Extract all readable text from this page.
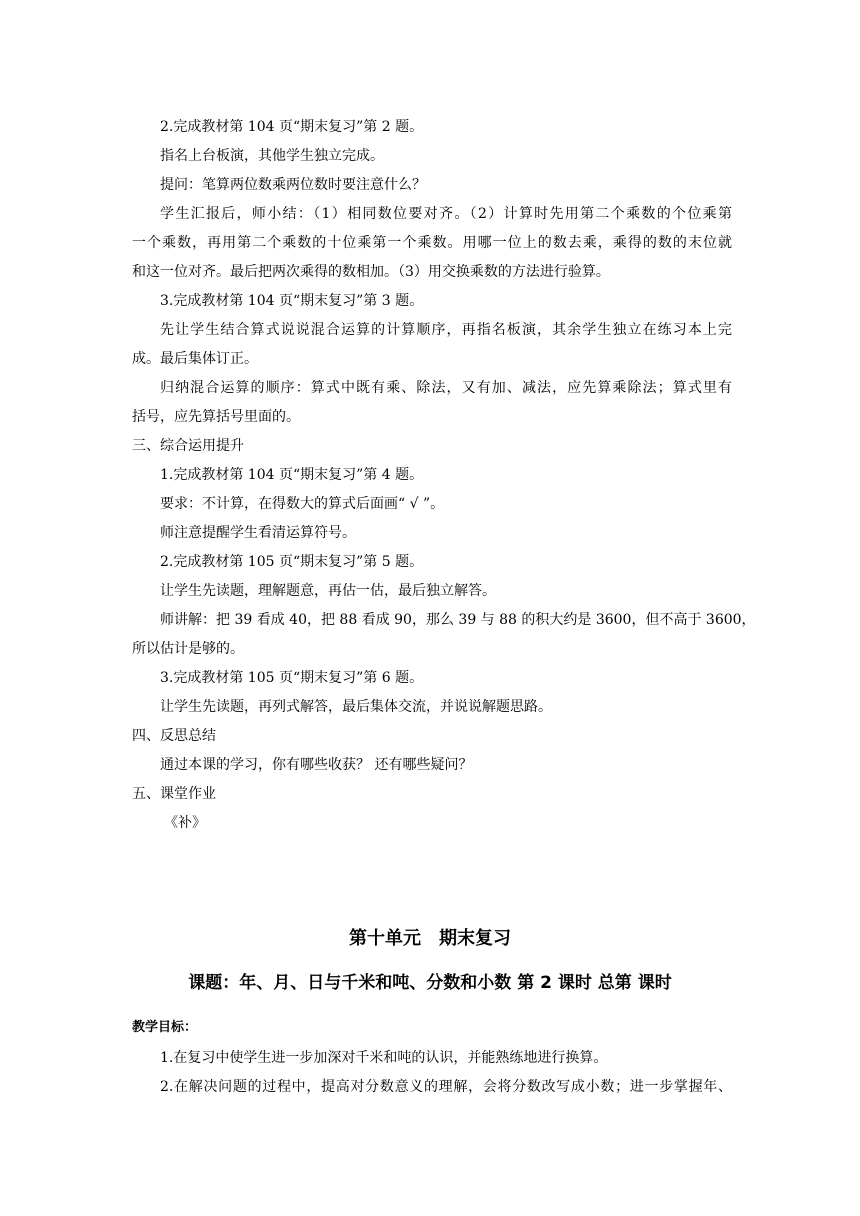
2.完成教材第 104 页“期末复习”第 2 题。
指名上台板演，其他学生独立完成。
提问：笔算两位数乘两位数时要注意什么？
学生汇报后，师小结：（1）相同数位要对齐。（2）计算时先用第二个乘数的个位乘第
一个乘数，再用第二个乘数的十位乘第一个乘数。用哪一位上的数去乘，乘得的数的末位就
和这一位对齐。最后把两次乘得的数相加。（3）用交换乘数的方法进行验算。
3.完成教材第 104 页“期末复习”第 3 题。
先让学生结合算式说说混合运算的计算顺序，再指名板演，其余学生独立在练习本上完
成。最后集体订正。
归纳混合运算的顺序：算式中既有乘、除法，又有加、减法，应先算乘除法；算式里有
括号，应先算括号里面的。
三、综合运用提升
1.完成教材第 104 页“期末复习”第 4 题。
要求：不计算，在得数大的算式后面画“ √ ”。
师注意提醒学生看清运算符号。
2.完成教材第 105 页“期末复习”第 5 题。
让学生先读题，理解题意，再估一估，最后独立解答。
师讲解：把 39 看成 40，把 88 看成 90，那么 39 与 88 的积大约是 3600，但不高于 3600，
所以估计是够的。
3.完成教材第 105 页“期末复习”第 6 题。
让学生先读题，再列式解答，最后集体交流，并说说解题思路。
四、反思总结
通过本课的学习，你有哪些收获？ 还有哪些疑问？
五、课堂作业
《补》
第十单元　期末复习
课题：年、月、日与千米和吨、分数和小数 第 2 课时 总第 课时
教学目标：
1.在复习中使学生进一步加深对千米和吨的认识，并能熟练地进行换算。
2.在解决问题的过程中，提高对分数意义的理解，会将分数改写成小数；进一步掌握年、
